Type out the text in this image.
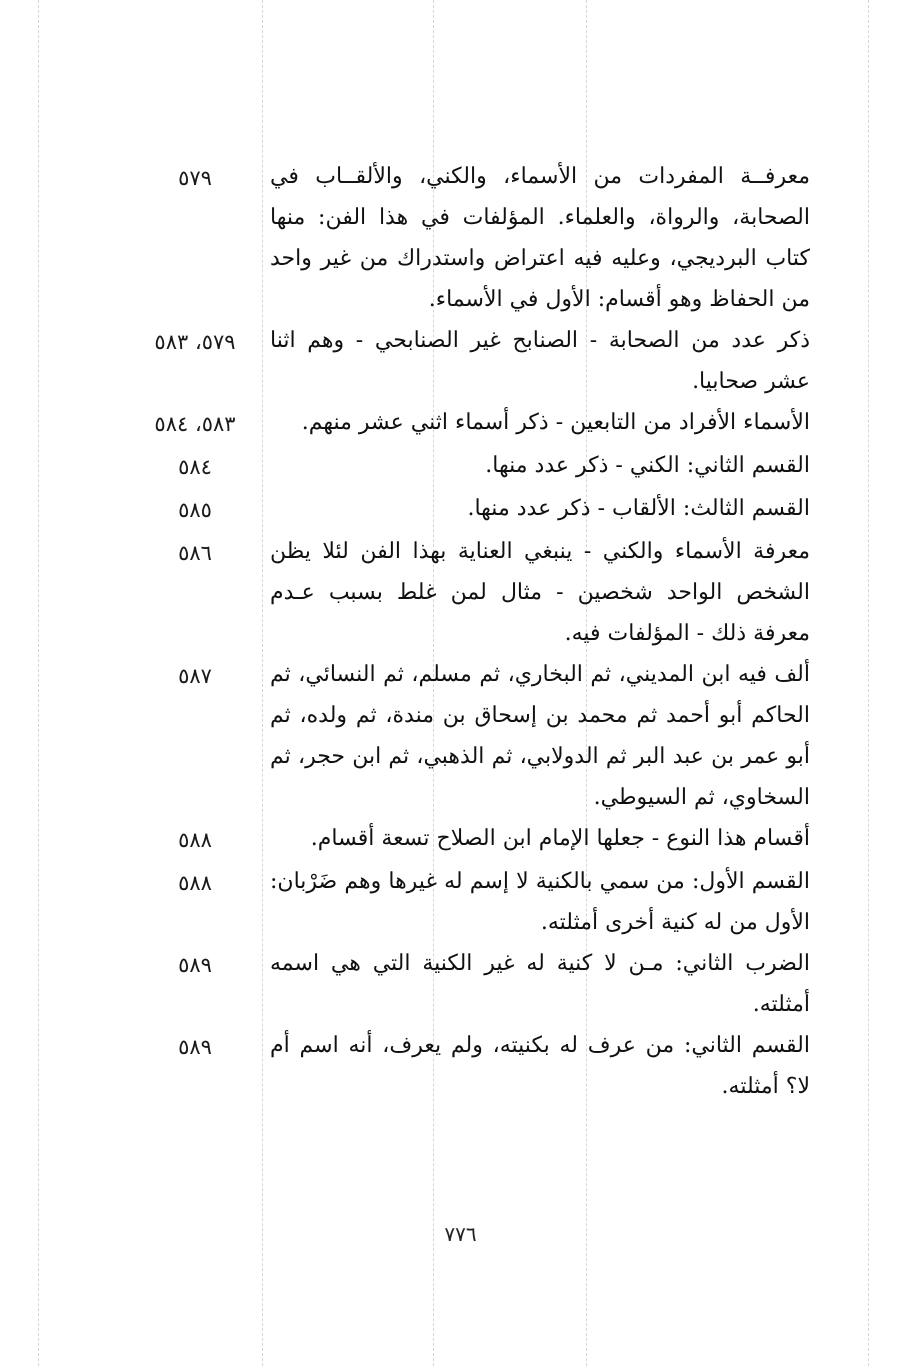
معرفــة المفردات من الأسماء، والكني، والألقــاب في الصحابة، والرواة، والعلماء. المؤلفات في هذا الفن: منها كتاب البرديجي، وعليه فيه اعتراض واستدراك من غير واحد من الحفاظ وهو أقسام: الأول في الأسماء.
٥٧٩
ذكر عدد من الصحابة - الصنابح غير الصنابحي - وهم اثنا عشر صحابيا.
٥٧٩، ٥٨٣
الأسماء الأفراد من التابعين - ذكر أسماء اثني عشر منهم.
٥٨٣، ٥٨٤
القسم الثاني: الكني - ذكر عدد منها.
٥٨٤
القسم الثالث: الألقاب - ذكر عدد منها.
٥٨٥
معرفة الأسماء والكني - ينبغي العناية بهذا الفن لئلا يظن الشخص الواحد شخصين - مثال لمن غلط بسبب عـدم معرفة ذلك - المؤلفات فيه.
٥٨٦
ألف فيه ابن المديني، ثم البخاري، ثم مسلم، ثم النسائي، ثم الحاكم أبو أحمد ثم محمد بن إسحاق بن مندة، ثم ولده، ثم أبو عمر بن عبد البر ثم الدولابي، ثم الذهبي، ثم ابن حجر، ثم السخاوي، ثم السيوطي.
٥٨٧
أقسام هذا النوع - جعلها الإمام ابن الصلاح تسعة أقسام.
٥٨٨
القسم الأول: من سمي بالكنية لا إسم له غيرها وهم ضَرْبان: الأول من له كنية أخرى أمثلته.
٥٨٨
الضرب الثاني: مـن لا كنية له غير الكنية التي هي اسمه أمثلته.
٥٨٩
القسم الثاني: من عرف له بكنيته، ولم يعرف، أنه اسم أم لا؟ أمثلته.
٥٨٩
٧٧٦
